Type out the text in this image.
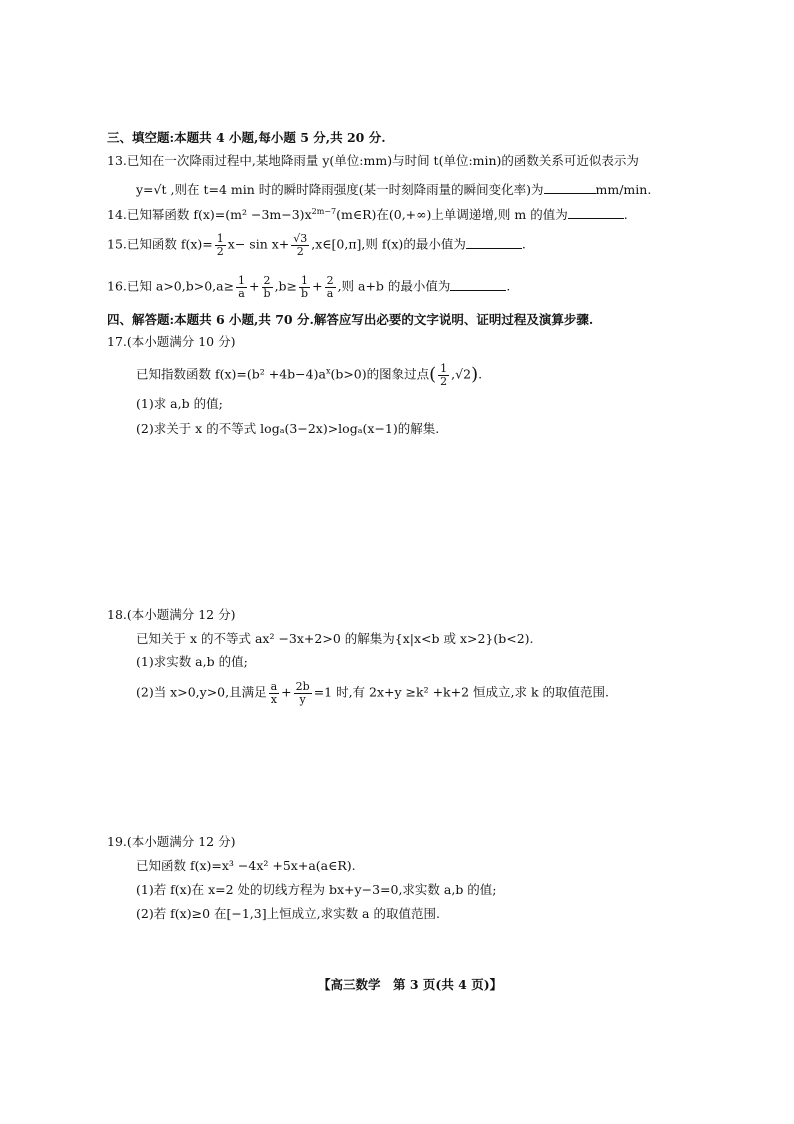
三、填空题:本题共 4 小题,每小题 5 分,共 20 分.
13.已知在一次降雨过程中,某地降雨量 y(单位:mm)与时间 t(单位:min)的函数关系可近似表示为
y=√t ,则在 t=4 min 时的瞬时降雨强度(某一时刻降雨量的瞬间变化率)为	mm/min.
14.已知幂函数 $f(x)=(m^2 -3m-3)x^{2m-7}(m\in R)$在(0,+∞)上单调递增,则 m 的值为	.
15.已知函数 $f(x)= \frac{1}{2} x- \sin x+ \frac{√3}{2}$ ,x∈[0,π],则 f(x)的最小值为	.
16.已知 $a>0,b>0,a\ge \frac{1}{a} + \frac{2}{b} ,b\ge \frac{1}{b} + \frac{2}{a}$ ,则 a+b 的最小值为	.
四、解答题:本题共 6 小题,共 70 分.解答应写出必要的文字说明、证明过程及演算步骤.
17.(本小题满分 10 分)
已知指数函数 $f(x)=(b^2 +4b-4)a^x(b>0)$的图象过点( $\frac{1}{2} ,√2$).
(1)求 a,b 的值;
(2)求关于 x 的不等式 logₐ(3−2x)>logₐ(x−1)的解集.
18.(本小题满分 12 分)
已知关于 x 的不等式 ax² −3x+2>0 的解集为{x|x<b 或 x>2}(b<2).
(1)求实数 a,b 的值;
(2)当 x>0,y>0,且满足 $\frac{a}{x} + \frac{2b}{y} =1$ 时,有 2x+y ≥k² +k+2 恒成立,求 k 的取值范围.
19.(本小题满分 12 分)
已知函数 f(x)=x³ −4x² +5x+a(a∈R).
(1)若 f(x)在 x=2 处的切线方程为 bx+y−3=0,求实数 a,b 的值;
(2)若 f(x)≥0 在[−1,3]上恒成立,求实数 a 的取值范围.
【高三数学　第 3 页(共 4 页)】
